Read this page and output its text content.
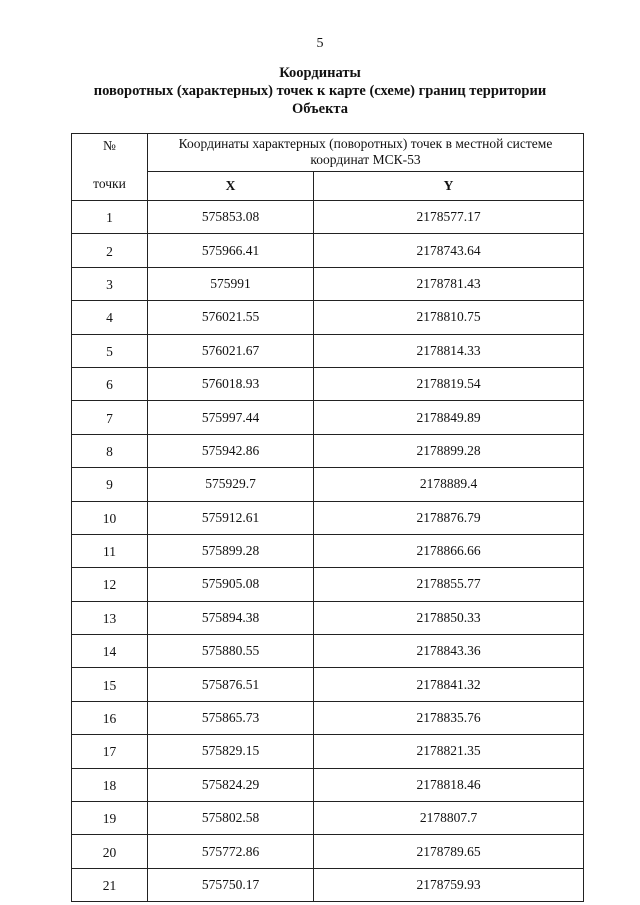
5
Координаты
поворотных (характерных) точек к карте (схеме) границ территории
Объекта
№
точки	Координаты характерных (поворотных) точек в местной системе координат МСК-53	
	X	Y
1	575853.08	2178577.17
2	575966.41	2178743.64
3	575991	2178781.43
4	576021.55	2178810.75
5	576021.67	2178814.33
6	576018.93	2178819.54
7	575997.44	2178849.89
8	575942.86	2178899.28
9	575929.7	2178889.4
10	575912.61	2178876.79
11	575899.28	2178866.66
12	575905.08	2178855.77
13	575894.38	2178850.33
14	575880.55	2178843.36
15	575876.51	2178841.32
16	575865.73	2178835.76
17	575829.15	2178821.35
18	575824.29	2178818.46
19	575802.58	2178807.7
20	575772.86	2178789.65
21	575750.17	2178759.93
